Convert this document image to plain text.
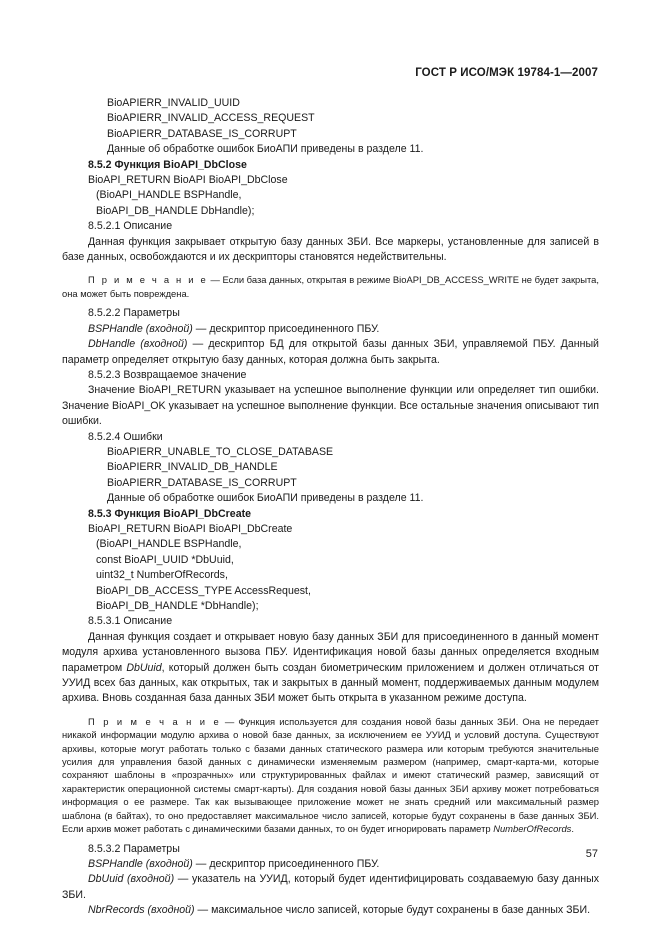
ГОСТ Р ИСО/МЭК 19784-1—2007
BioAPIERR_INVALID_UUID
BioAPIERR_INVALID_ACCESS_REQUEST
BioAPIERR_DATABASE_IS_CORRUPT
Данные об обработке ошибок БиоАПИ приведены в разделе 11.
8.5.2 Функция BioAPI_DbClose
BioAPI_RETURN BioAPI BioAPI_DbClose
(BioAPI_HANDLE BSPHandle,
BioAPI_DB_HANDLE DbHandle);
8.5.2.1 Описание
Данная функция закрывает открытую базу данных ЗБИ. Все маркеры, установленные для записей в базе данных, освобождаются и их дескрипторы становятся недействительны.
П р и м е ч а н и е — Если база данных, открытая в режиме BioAPI_DB_ACCESS_WRITE не будет закрыта, она может быть повреждена.
8.5.2.2 Параметры
BSPHandle (входной) — дескриптор присоединенного ПБУ.
DbHandle (входной) — дескриптор БД для открытой базы данных ЗБИ, управляемой ПБУ. Данный параметр определяет открытую базу данных, которая должна быть закрыта.
8.5.2.3 Возвращаемое значение
Значение BioAPI_RETURN указывает на успешное выполнение функции или определяет тип ошибки. Значение BioAPI_OK указывает на успешное выполнение функции. Все остальные значения описывают тип ошибки.
8.5.2.4 Ошибки
BioAPIERR_UNABLE_TO_CLOSE_DATABASE
BioAPIERR_INVALID_DB_HANDLE
BioAPIERR_DATABASE_IS_CORRUPT
Данные об обработке ошибок БиоАПИ приведены в разделе 11.
8.5.3 Функция BioAPI_DbCreate
BioAPI_RETURN BioAPI BioAPI_DbCreate
(BioAPI_HANDLE BSPHandle,
const BioAPI_UUID *DbUuid,
uint32_t NumberOfRecords,
BioAPI_DB_ACCESS_TYPE AccessRequest,
BioAPI_DB_HANDLE *DbHandle);
8.5.3.1 Описание
Данная функция создает и открывает новую базу данных ЗБИ для присоединенного в данный момент модуля архива установленного вызова ПБУ. Идентификация новой базы данных определяется входным параметром DbUuid, который должен быть создан биометрическим приложением и должен отличаться от УУИД всех баз данных, как открытых, так и закрытых в данный момент, поддерживаемых данным модулем архива. Вновь созданная база данных ЗБИ может быть открыта в указанном режиме доступа.
П р и м е ч а н и е — Функция используется для создания новой базы данных ЗБИ. Она не передает никакой информации модулю архива о новой базе данных, за исключением ее УУИД и условий доступа. Существуют архивы, которые могут работать только с базами данных статического размера или которым требуются значительные усилия для управления базой данных с динамически изменяемым размером (например, смарт-карта-ми, которые сохраняют шаблоны в «прозрачных» или структурированных файлах и имеют статический размер, зависящий от характеристик операционной системы смарт-карты). Для создания новой базы данных ЗБИ архиву может потребоваться информация о ее размере. Так как вызывающее приложение может не знать средний или максимальный размер шаблона (в байтах), то оно предоставляет максимальное число записей, которые будут сохранены в базе данных ЗБИ. Если архив может работать с динамическими базами данных, то он будет игнорировать параметр NumberOfRecords.
8.5.3.2 Параметры
BSPHandle (входной) — дескриптор присоединенного ПБУ.
DbUuid (входной) — указатель на УУИД, который будет идентифицировать создаваемую базу данных ЗБИ.
NbrRecords (входной) — максимальное число записей, которые будут сохранены в базе данных ЗБИ.
57
